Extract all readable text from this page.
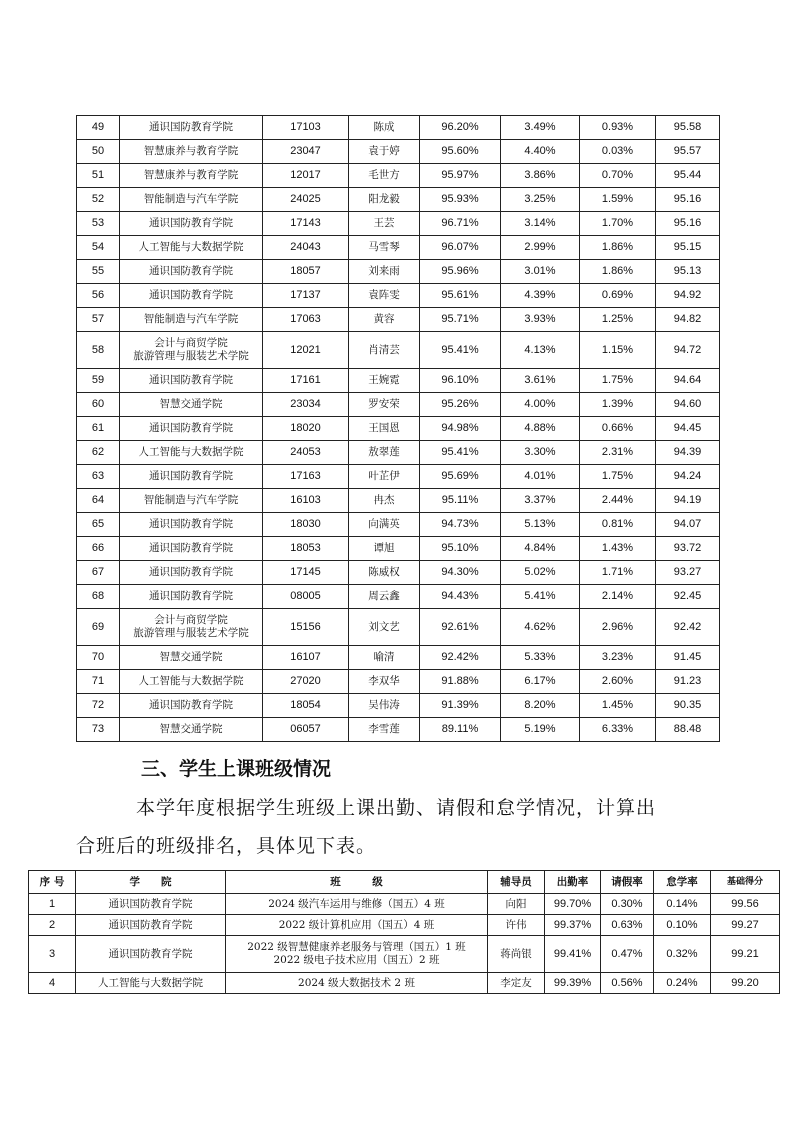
49	通识国防教育学院	17103	陈成	96.20%	3.49%	0.93%	95.58
50	智慧康养与教育学院	23047	袁于婷	95.60%	4.40%	0.03%	95.57
51	智慧康养与教育学院	12017	毛世方	95.97%	3.86%	0.70%	95.44
52	智能制造与汽车学院	24025	阳龙毅	95.93%	3.25%	1.59%	95.16
53	通识国防教育学院	17143	王芸	96.71%	3.14%	1.70%	95.16
54	人工智能与大数据学院	24043	马雪琴	96.07%	2.99%	1.86%	95.15
55	通识国防教育学院	18057	刘来雨	95.96%	3.01%	1.86%	95.13
56	通识国防教育学院	17137	袁阵雯	95.61%	4.39%	0.69%	94.92
57	智能制造与汽车学院	17063	黄容	95.71%	3.93%	1.25%	94.82
58	会计与商贸学院
旅游管理与服装艺术学院	12021	肖清芸	95.41%	4.13%	1.15%	94.72
59	通识国防教育学院	17161	王婉霓	96.10%	3.61%	1.75%	94.64
60	智慧交通学院	23034	罗安荣	95.26%	4.00%	1.39%	94.60
61	通识国防教育学院	18020	王国恩	94.98%	4.88%	0.66%	94.45
62	人工智能与大数据学院	24053	敖翠莲	95.41%	3.30%	2.31%	94.39
63	通识国防教育学院	17163	叶芷伊	95.69%	4.01%	1.75%	94.24
64	智能制造与汽车学院	16103	冉杰	95.11%	3.37%	2.44%	94.19
65	通识国防教育学院	18030	向满英	94.73%	5.13%	0.81%	94.07
66	通识国防教育学院	18053	谭旭	95.10%	4.84%	1.43%	93.72
67	通识国防教育学院	17145	陈威权	94.30%	5.02%	1.71%	93.27
68	通识国防教育学院	08005	周云鑫	94.43%	5.41%	2.14%	92.45
69	会计与商贸学院
旅游管理与服装艺术学院	15156	刘文艺	92.61%	4.62%	2.96%	92.42
70	智慧交通学院	16107	喻清	92.42%	5.33%	3.23%	91.45
71	人工智能与大数据学院	27020	李双华	91.88%	6.17%	2.60%	91.23
72	通识国防教育学院	18054	吴伟涛	91.39%	8.20%	1.45%	90.35
73	智慧交通学院	06057	李雪莲	89.11%	5.19%	6.33%	88.48
三、学生上课班级情况

本学年度根据学生班级上课出勤、请假和怠学情况，计算出

合班后的班级排名，具体见下表。

序 号	学　　院	班　　　级	辅导员	出勤率	请假率	怠学率	基础得分
1	通识国防教育学院	2024 级汽车运用与维修（国五）4 班	向阳	99.70%	0.30%	0.14%	99.56
2	通识国防教育学院	2022 级计算机应用（国五）4 班	许伟	99.37%	0.63%	0.10%	99.27
3	通识国防教育学院	2022 级智慧健康养老服务与管理（国五）1 班
2022 级电子技术应用（国五）2 班	蒋尚银	99.41%	0.47%	0.32%	99.21
4	人工智能与大数据学院	2024 级大数据技术 2 班	李定友	99.39%	0.56%	0.24%	99.20
